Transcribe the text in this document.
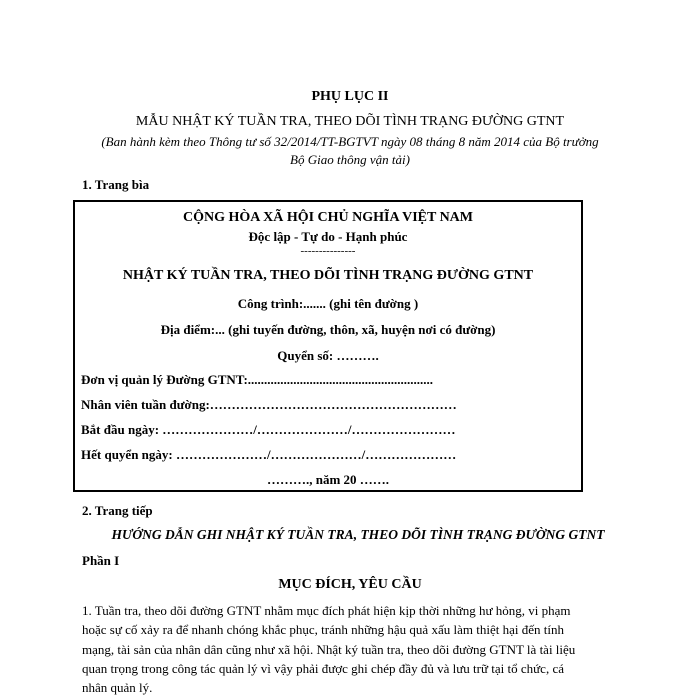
PHỤ LỤC II
MẪU NHẬT KÝ TUẦN TRA, THEO DÕI TÌNH TRẠNG ĐƯỜNG GTNT
(Ban hành kèm theo Thông tư số 32/2014/TT-BGTVT ngày 08 tháng 8 năm 2014 của Bộ trưởng
Bộ Giao thông vận tải)
1. Trang bìa
CỘNG HÒA XÃ HỘI CHỦ NGHĨA VIỆT NAM
Độc lập - Tự do - Hạnh phúc
---------------
NHẬT KÝ TUẦN TRA, THEO DÕI TÌNH TRẠNG ĐƯỜNG GTNT
Công trình:....... (ghi tên đường )
Địa điểm:... (ghi tuyến đường, thôn, xã, huyện nơi có đường)
Quyển số: ……….
Đơn vị quản lý Đường GTNT:.........................................................
Nhân viên tuần đường:…………………………………………………
Bắt đầu ngày: …………………/…………………/……………………
Hết quyển ngày: …………………/…………………/…………………
………., năm 20 …….
2. Trang tiếp
HƯỚNG DẪN GHI NHẬT KÝ TUẦN TRA, THEO DÕI TÌNH TRẠNG ĐƯỜNG GTNT
Phần I
MỤC ĐÍCH, YÊU CẦU
1. Tuần tra, theo dõi đường GTNT nhằm mục đích phát hiện kịp thời những hư hỏng, vi phạm
hoặc sự cố xảy ra để nhanh chóng khắc phục, tránh những hậu quả xấu làm thiệt hại đến tính
mạng, tài sản của nhân dân cũng như xã hội. Nhật ký tuần tra, theo dõi đường GTNT là tài liệu
quan trọng trong công tác quản lý vì vậy phải được ghi chép đầy đủ và lưu trữ tại tổ chức, cá
nhân quản lý.
